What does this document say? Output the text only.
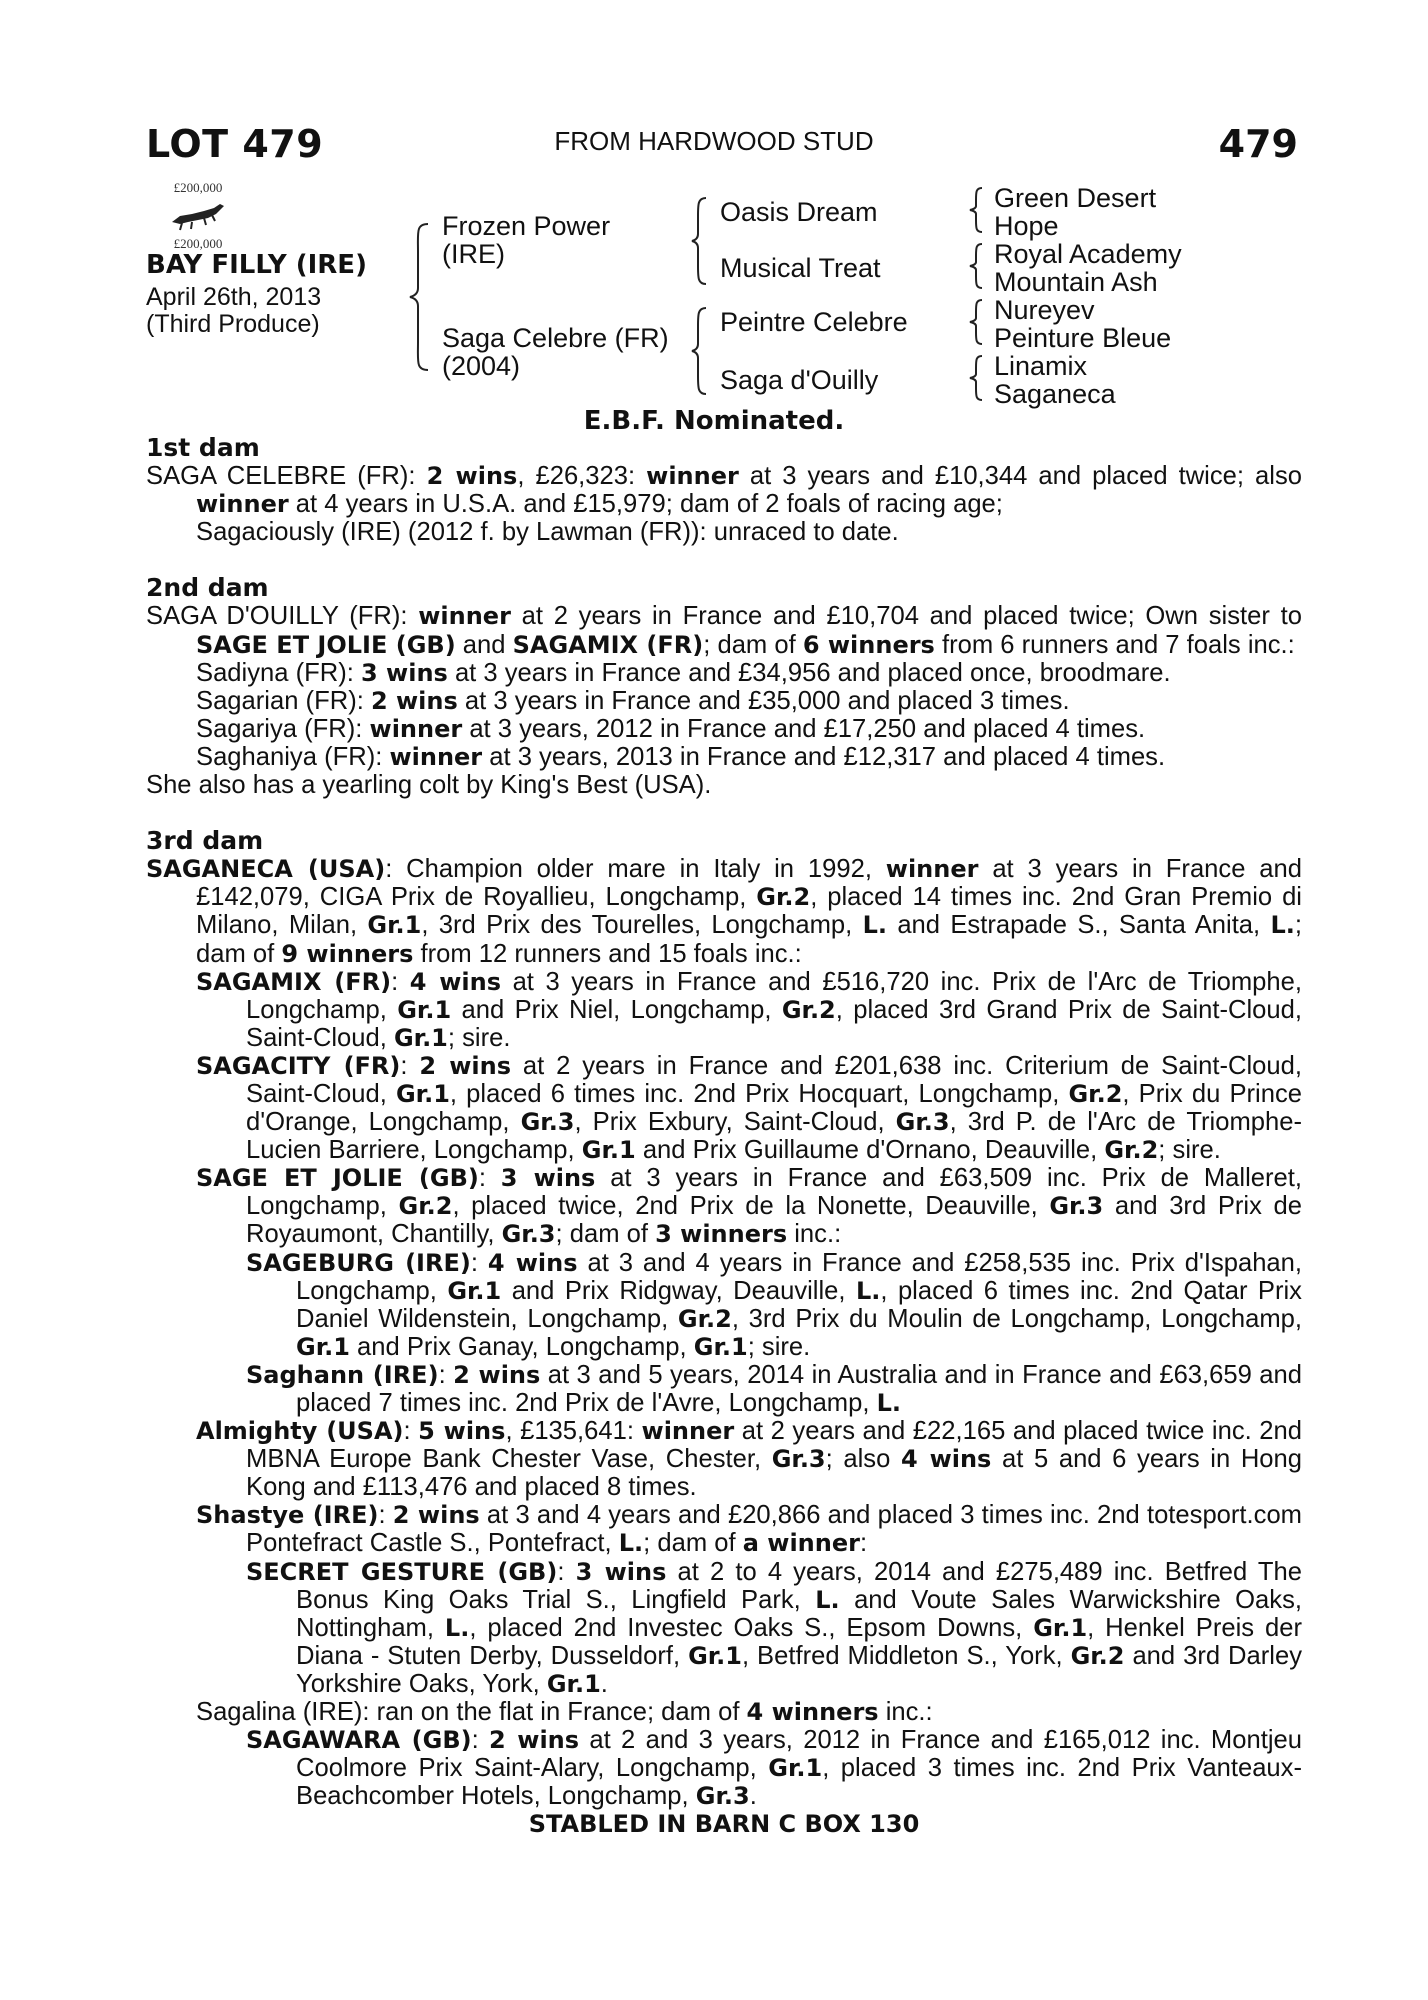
LOT 479	FROM HARDWOOD STUD	479
£200,000
£200,000
BAY FILLY (IRE)
April 26th, 2013
(Third Produce)
Frozen Power
(IRE)
Saga Celebre (FR)
(2004)
Oasis Dream
Musical Treat
Peintre Celebre
Saga d'Ouilly
Green Desert
Hope
Royal Academy
Mountain Ash
Nureyev
Peinture Bleue
Linamix
Saganeca
E.B.F. Nominated.
1st dam
SAGA CELEBRE (FR): 2 wins, £26,323: winner at 3 years and £10,344 and placed twice; also winner at 4 years in U.S.A. and £15,979; dam of 2 foals of racing age;
Sagaciously (IRE) (2012 f. by Lawman (FR)): unraced to date.
2nd dam
SAGA D'OUILLY (FR): winner at 2 years in France and £10,704 and placed twice; Own sister to SAGE ET JOLIE (GB) and SAGAMIX (FR); dam of 6 winners from 6 runners and 7 foals inc.:
Sadiyna (FR): 3 wins at 3 years in France and £34,956 and placed once, broodmare.
Sagarian (FR): 2 wins at 3 years in France and £35,000 and placed 3 times.
Sagariya (FR): winner at 3 years, 2012 in France and £17,250 and placed 4 times.
Saghaniya (FR): winner at 3 years, 2013 in France and £12,317 and placed 4 times.
She also has a yearling colt by King's Best (USA).
3rd dam
SAGANECA (USA): Champion older mare in Italy in 1992, winner at 3 years in France and £142,079, CIGA Prix de Royallieu, Longchamp, Gr.2, placed 14 times inc. 2nd Gran Premio di Milano, Milan, Gr.1, 3rd Prix des Tourelles, Longchamp, L. and Estrapade S., Santa Anita, L.; dam of 9 winners from 12 runners and 15 foals inc.:
SAGAMIX (FR): 4 wins at 3 years in France and £516,720 inc. Prix de l'Arc de Triomphe, Longchamp, Gr.1 and Prix Niel, Longchamp, Gr.2, placed 3rd Grand Prix de Saint-Cloud, Saint-Cloud, Gr.1; sire.
SAGACITY (FR): 2 wins at 2 years in France and £201,638 inc. Criterium de Saint-Cloud, Saint-Cloud, Gr.1, placed 6 times inc. 2nd Prix Hocquart, Longchamp, Gr.2, Prix du Prince d'Orange, Longchamp, Gr.3, Prix Exbury, Saint-Cloud, Gr.3, 3rd P. de l'Arc de Triomphe-Lucien Barriere, Longchamp, Gr.1 and Prix Guillaume d'Ornano, Deauville, Gr.2; sire.
SAGE ET JOLIE (GB): 3 wins at 3 years in France and £63,509 inc. Prix de Malleret, Longchamp, Gr.2, placed twice, 2nd Prix de la Nonette, Deauville, Gr.3 and 3rd Prix de Royaumont, Chantilly, Gr.3; dam of 3 winners inc.:
SAGEBURG (IRE): 4 wins at 3 and 4 years in France and £258,535 inc. Prix d'Ispahan, Longchamp, Gr.1 and Prix Ridgway, Deauville, L., placed 6 times inc. 2nd Qatar Prix Daniel Wildenstein, Longchamp, Gr.2, 3rd Prix du Moulin de Longchamp, Longchamp, Gr.1 and Prix Ganay, Longchamp, Gr.1; sire.
Saghann (IRE): 2 wins at 3 and 5 years, 2014 in Australia and in France and £63,659 and placed 7 times inc. 2nd Prix de l'Avre, Longchamp, L.
Almighty (USA): 5 wins, £135,641: winner at 2 years and £22,165 and placed twice inc. 2nd MBNA Europe Bank Chester Vase, Chester, Gr.3; also 4 wins at 5 and 6 years in Hong Kong and £113,476 and placed 8 times.
Shastye (IRE): 2 wins at 3 and 4 years and £20,866 and placed 3 times inc. 2nd totesport.com Pontefract Castle S., Pontefract, L.; dam of a winner:
SECRET GESTURE (GB): 3 wins at 2 to 4 years, 2014 and £275,489 inc. Betfred The Bonus King Oaks Trial S., Lingfield Park, L. and Voute Sales Warwickshire Oaks, Nottingham, L., placed 2nd Investec Oaks S., Epsom Downs, Gr.1, Henkel Preis der Diana - Stuten Derby, Dusseldorf, Gr.1, Betfred Middleton S., York, Gr.2 and 3rd Darley Yorkshire Oaks, York, Gr.1.
Sagalina (IRE): ran on the flat in France; dam of 4 winners inc.:
SAGAWARA (GB): 2 wins at 2 and 3 years, 2012 in France and £165,012 inc. Montjeu Coolmore Prix Saint-Alary, Longchamp, Gr.1, placed 3 times inc. 2nd Prix Vanteaux-Beachcomber Hotels, Longchamp, Gr.3.
STABLED IN BARN C BOX 130
